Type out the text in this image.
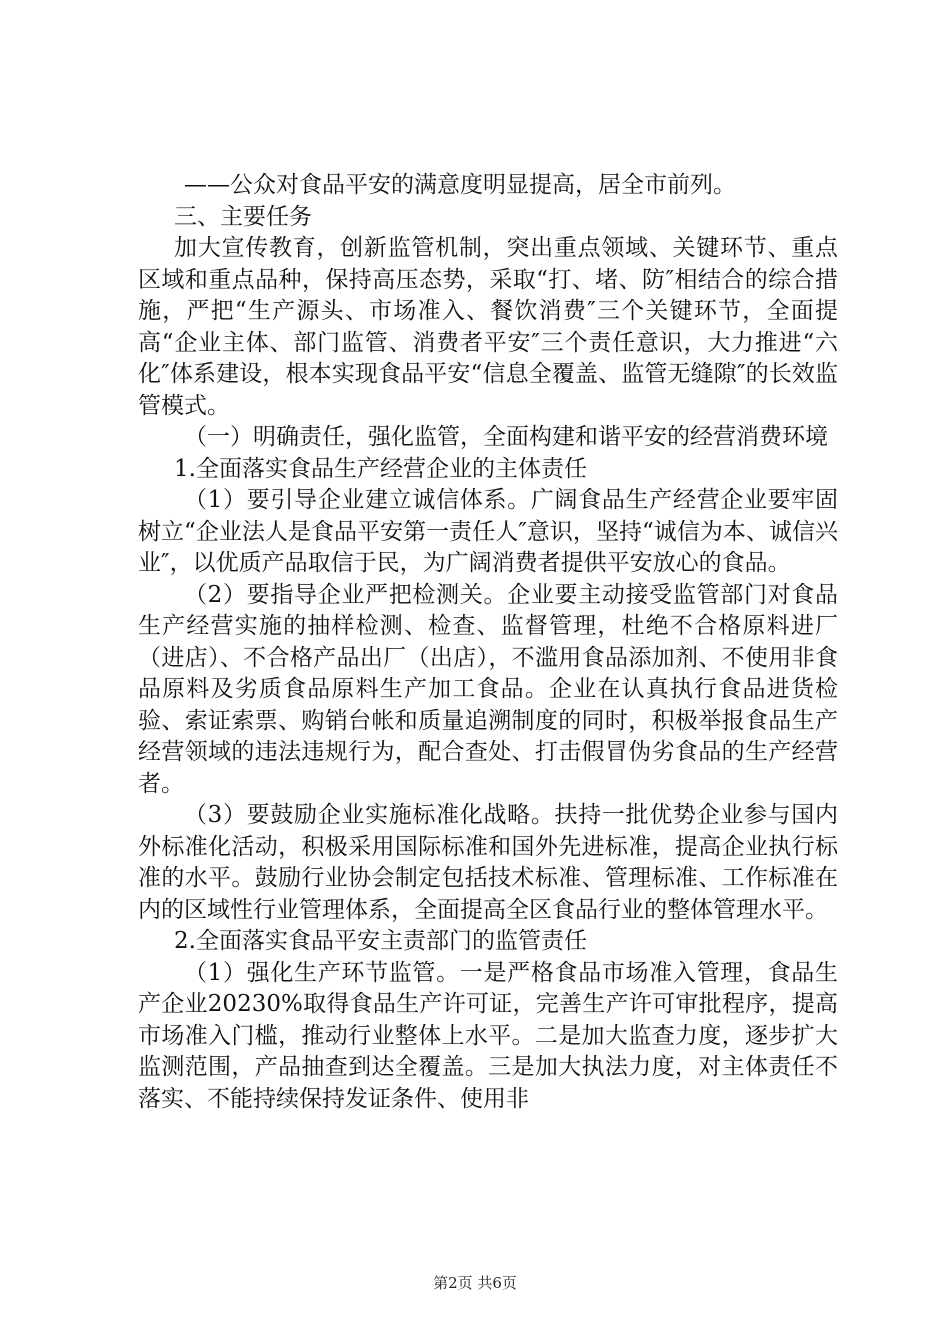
——公众对食品平安的满意度明显提高，居全市前列。

三、主要任务

加大宣传教育，创新监管机制，突出重点领域、关键环节、重点区域和重点品种，保持高压态势，采取“打、堵、防″相结合的综合措施，严把“生产源头、市场准入、餐饮消费″三个关键环节，全面提高“企业主体、部门监管、消费者平安″三个责任意识，大力推进“六化″体系建设，根本实现食品平安“信息全覆盖、监管无缝隙″的长效监管模式。

（一）明确责任，强化监管，全面构建和谐平安的经营消费环境

1.全面落实食品生产经营企业的主体责任

（1）要引导企业建立诚信体系。广阔食品生产经营企业要牢固树立“企业法人是食品平安第一责任人″意识，坚持“诚信为本、诚信兴业″，以优质产品取信于民，为广阔消费者提供平安放心的食品。

（2）要指导企业严把检测关。企业要主动接受监管部门对食品生产经营实施的抽样检测、检查、监督管理，杜绝不合格原料进厂（进店）、不合格产品出厂（出店），不滥用食品添加剂、不使用非食品原料及劣质食品原料生产加工食品。企业在认真执行食品进货检验、索证索票、购销台帐和质量追溯制度的同时，积极举报食品生产经营领域的违法违规行为，配合查处、打击假冒伪劣食品的生产经营者。

（3）要鼓励企业实施标准化战略。扶持一批优势企业参与国内外标准化活动，积极采用国际标准和国外先进标准，提高企业执行标准的水平。鼓励行业协会制定包括技术标准、管理标准、工作标准在内的区域性行业管理体系，全面提高全区食品行业的整体管理水平。

2.全面落实食品平安主责部门的监管责任

（1）强化生产环节监管。一是严格食品市场准入管理，食品生产企业20230%取得食品生产许可证，完善生产许可审批程序，提高市场准入门槛，推动行业整体上水平。二是加大监查力度，逐步扩大监测范围，产品抽查到达全覆盖。三是加大执法力度，对主体责任不落实、不能持续保持发证条件、使用非

第2页 共6页
